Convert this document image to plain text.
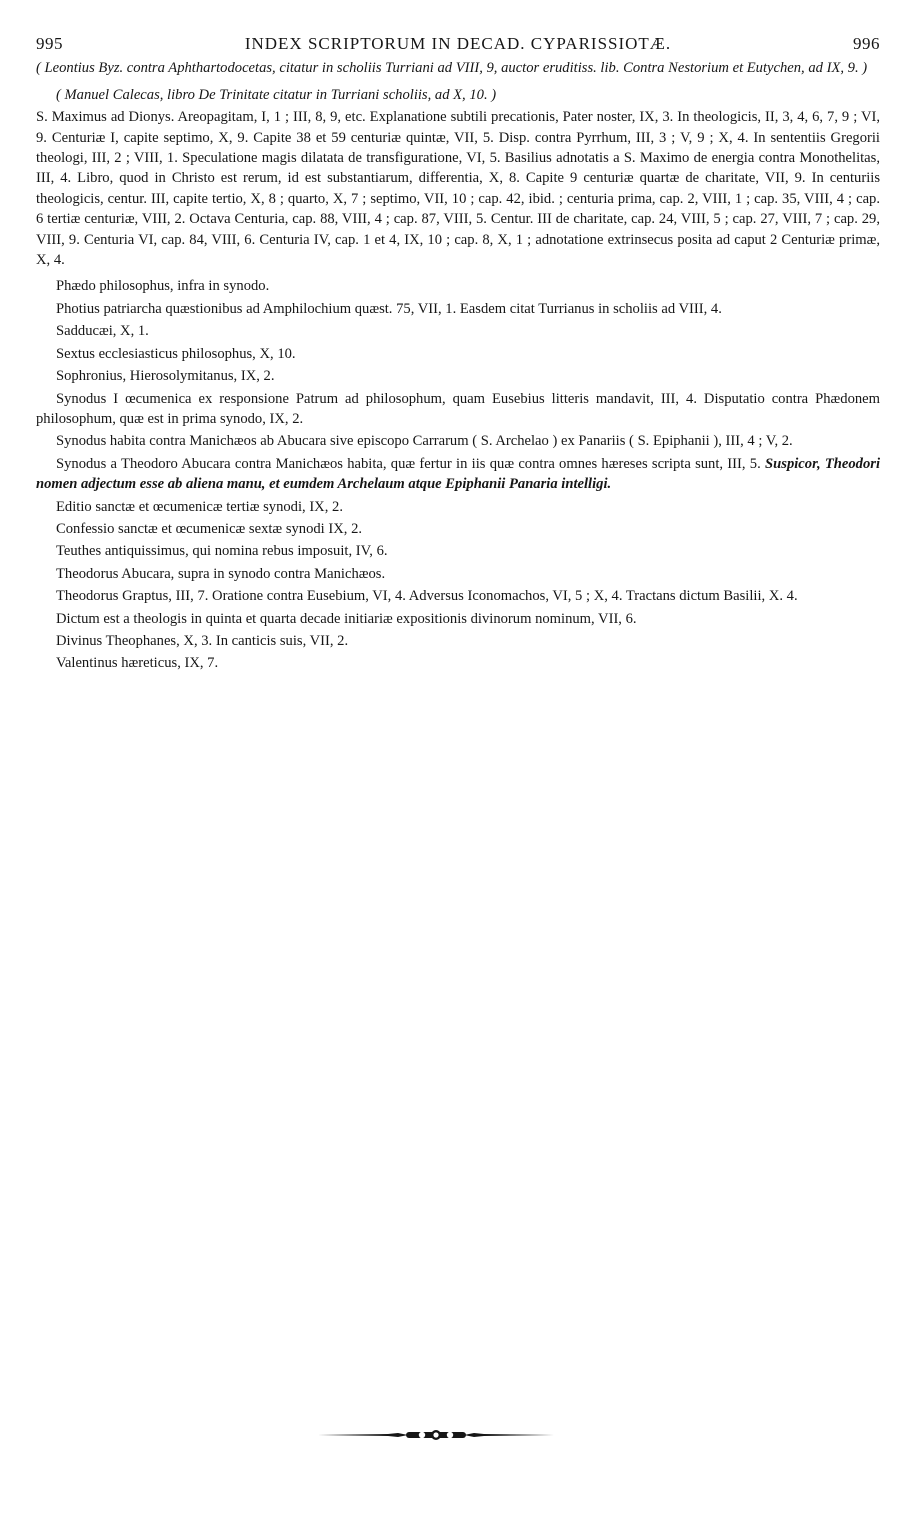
995	INDEX SCRIPTORUM IN DECAD. CYPARISSIOTÆ.	996

( Leontius Byz. contra Aphthartodocetas, citatur in scholiis Turriani ad VIII, 9, auctor eruditiss. lib. Contra Nestorium et Eutychen, ad IX, 9. )

( Manuel Calecas, libro De Trinitate citatur in Turriani scholiis, ad X, 10. )

S. Maximus ad Dionys. Areopagitam, I, 1 ; III, 8, 9, etc. Explanatione subtili precationis, Pater noster, IX, 3. In theologicis, II, 3, 4, 6, 7, 9 ; VI, 9. Centuriæ I, capite septimo, X, 9. Capite 38 et 59 centuriæ quintæ, VII, 5. Disp. contra Pyrrhum, III, 3 ; V, 9 ; X, 4. In sententiis Gregorii theologi, III, 2 ; VIII, 1. Speculatione magis dilatata de transfiguratione, VI, 5. Basilius adnotatis a S. Maximo de energia contra Monothelitas, III, 4. Libro, quod in Christo est rerum, id est substantiarum, differentia, X, 8. Capite 9 centuriæ quartæ de charitate, VII, 9. In centuriis theologicis, centur. III, capite tertio, X, 8 ; quarto, X, 7 ; septimo, VII, 10 ; cap. 42, ibid. ; centuria prima, cap. 2, VIII, 1 ; cap. 35, VIII, 4 ; cap. 6 tertiæ centuriæ, VIII, 2. Octava Centuria, cap. 88, VIII, 4 ; cap. 87, VIII, 5. Centur. III de charitate, cap. 24, VIII, 5 ; cap. 27, VIII, 7 ; cap. 29, VIII, 9. Centuria VI, cap. 84, VIII, 6. Centuria IV, cap. 1 et 4, IX, 10 ; cap. 8, X, 1 ; adnotatione extrinsecus posita ad caput 2 Centuriæ primæ, X, 4.

Phædo philosophus, infra in synodo.

Photius patriarcha quæstionibus ad Amphilochium quæst. 75, VII, 1. Easdem citat Turrianus in scholiis ad VIII, 4.

Sadducæi, X, 1.

Sextus ecclesiasticus philosophus, X, 10.

Sophronius, Hierosolymitanus, IX, 2.

Synodus I œcumenica ex responsione Patrum ad philosophum, quam Eusebius litteris mandavit, III, 4. Disputatio contra Phædonem philosophum, quæ est in prima synodo, IX, 2.

Synodus habita contra Manichæos ab Abucara sive episcopo Carrarum ( S. Archelao ) ex Panariis ( S. Epiphanii ), III, 4 ; V, 2.

Synodus a Theodoro Abucara contra Manichæos habita, quæ fertur in iis quæ contra omnes hæreses scripta sunt, III, 5. Suspicor, Theodori nomen adjectum esse ab aliena manu, et eumdem Archelaum atque Epiphanii Panaria intelligi.

Editio sanctæ et œcumenicæ tertiæ synodi, IX, 2.

Confessio sanctæ et œcumenicæ sextæ synodi IX, 2.

Teuthes antiquissimus, qui nomina rebus imposuit, IV, 6.

Theodorus Abucara, supra in synodo contra Manichæos.

Theodorus Graptus, III, 7. Oratione contra Eusebium, VI, 4. Adversus Iconomachos, VI, 5 ; X, 4. Tractans dictum Basilii, X. 4.

Dictum est a theologis in quinta et quarta decade initiariæ expositionis divinorum nominum, VII, 6.

Divinus Theophanes, X, 3. In canticis suis, VII, 2.

Valentinus hæreticus, IX, 7.
